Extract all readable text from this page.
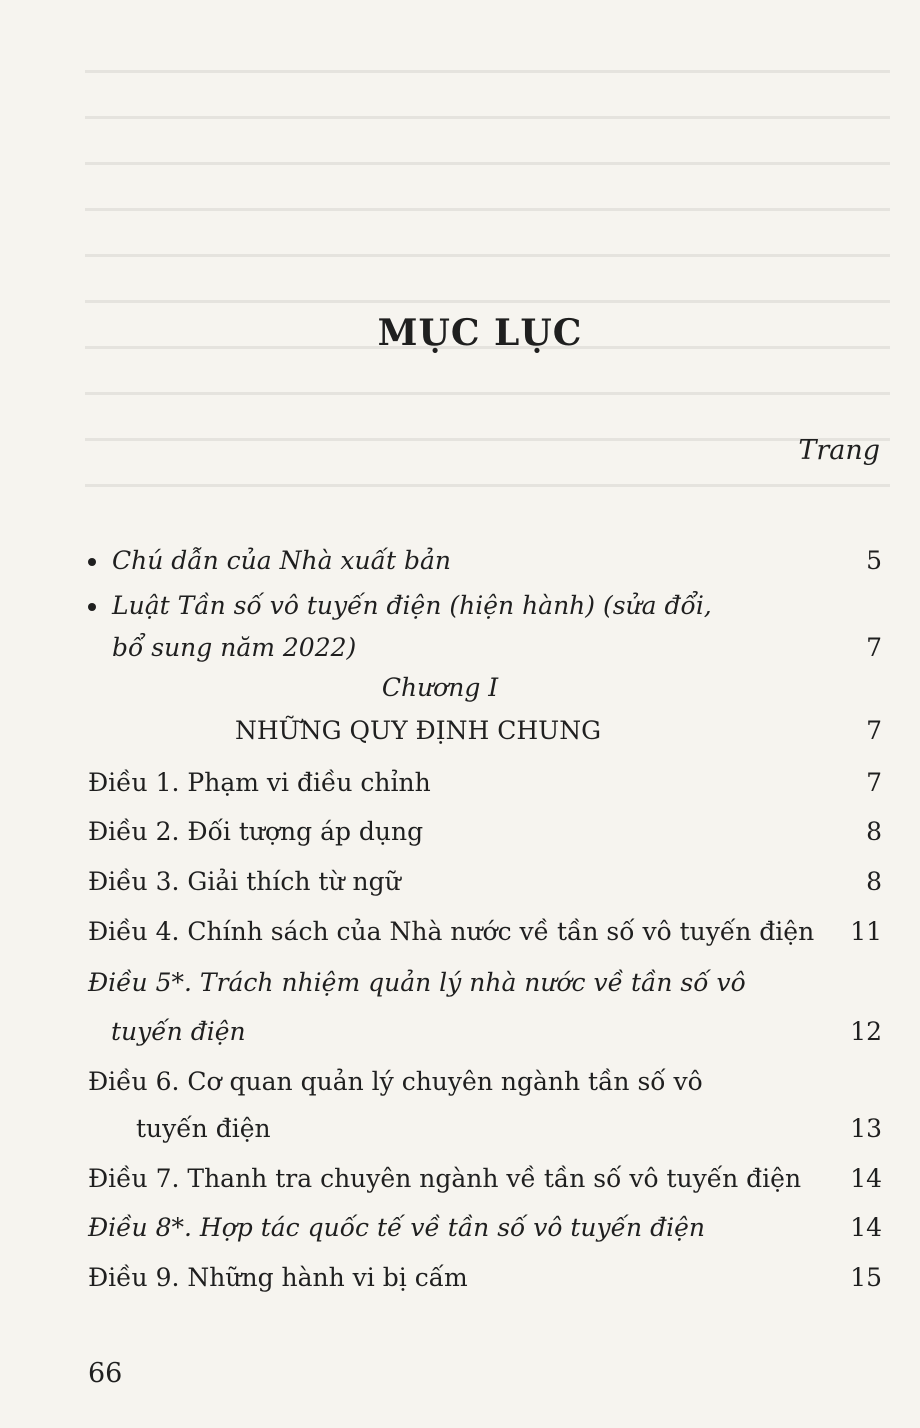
MỤC LỤC
Trang
Chú dẫn của Nhà xuất bản	5
Luật Tần số vô tuyến điện (hiện hành) (sửa đổi,
bổ sung năm 2022)	7
Chương I
NHỮNG QUY ĐỊNH CHUNG	7
Điều 1. Phạm vi điều chỉnh	7
Điều 2. Đối tượng áp dụng	8
Điều 3. Giải thích từ ngữ	8
Điều 4. Chính sách của Nhà nước về tần số vô tuyến điện 11
Điều 5*. Trách nhiệm quản lý nhà nước về tần số vô
tuyến điện	12
Điều 6. Cơ quan quản lý chuyên ngành tần số vô
tuyến điện	13
Điều 7. Thanh tra chuyên ngành về tần số vô tuyến điện 14
Điều 8*. Hợp tác quốc tế về tần số vô tuyến điện	14
Điều 9. Những hành vi bị cấm	15
66
